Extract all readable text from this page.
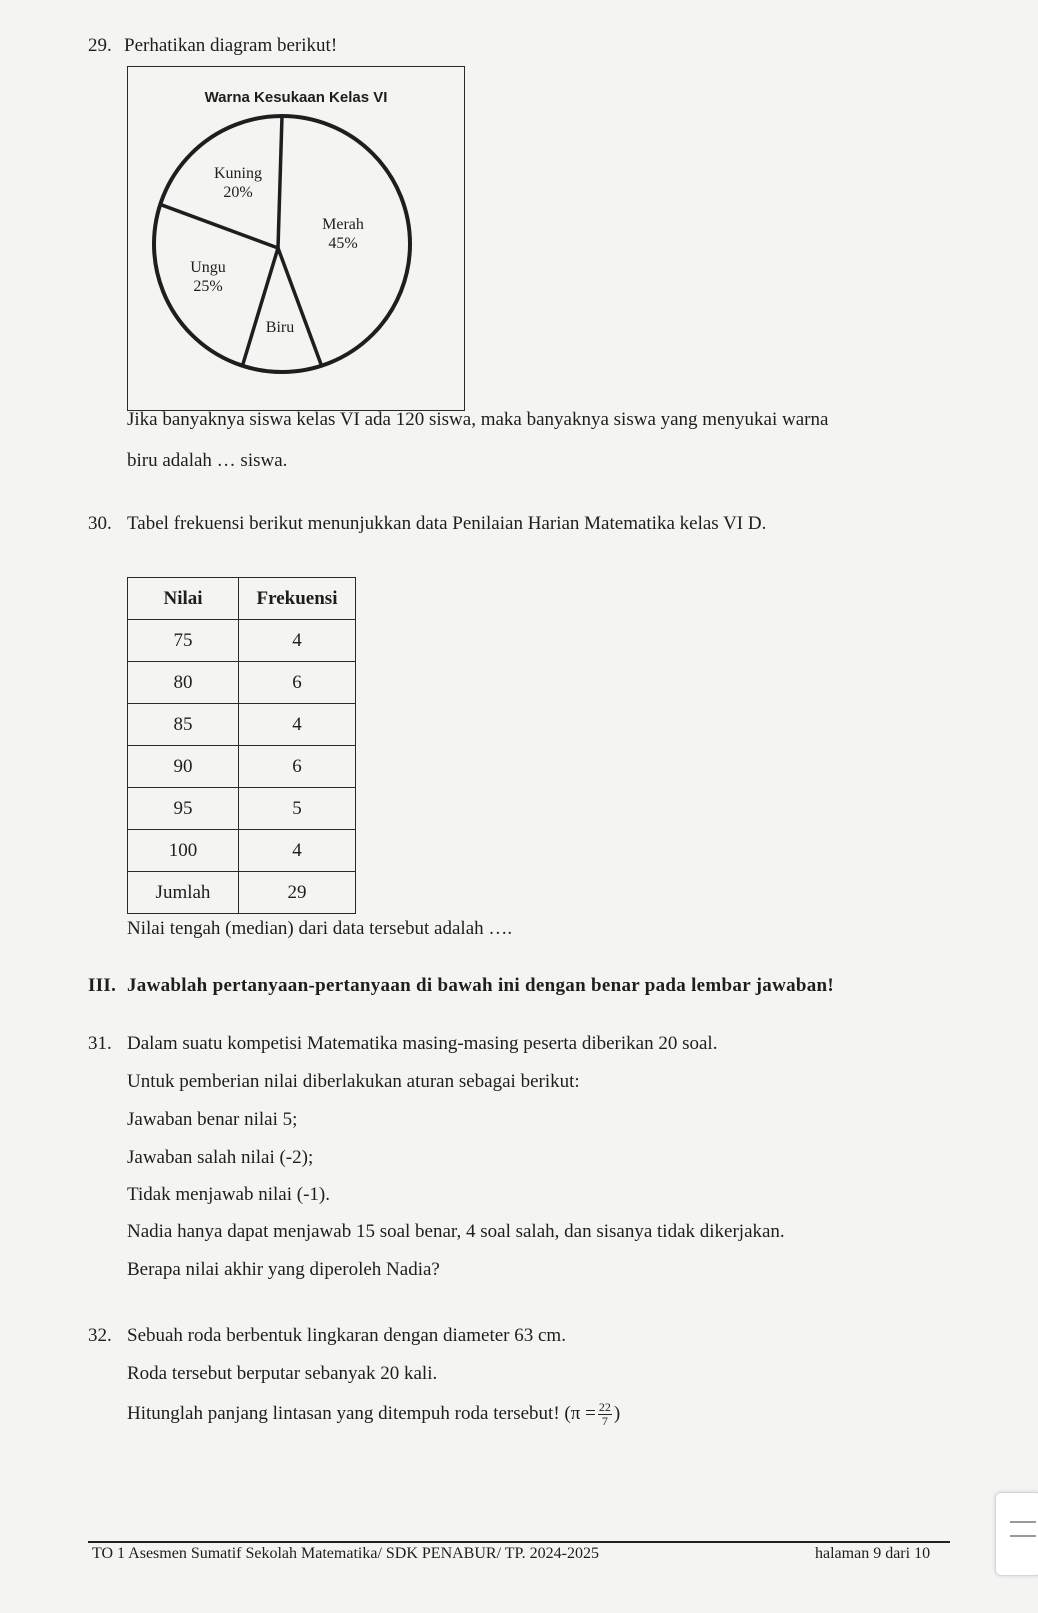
29. Perhatikan diagram berikut!
Warna Kesukaan Kelas VI
Merah
45%
Biru
Ungu
25%
Kuning
20%
Jika banyaknya siswa kelas VI ada 120 siswa, maka banyaknya siswa yang menyukai warna
biru adalah … siswa.
30. Tabel frekuensi berikut menunjukkan data Penilaian Harian Matematika kelas VI D.
Nilai	Frekuensi
75	4
80	6
85	4
90	6
95	5
100	4
Jumlah	29
Nilai tengah (median) dari data tersebut adalah ….
III. Jawablah pertanyaan-pertanyaan di bawah ini dengan benar pada lembar jawaban!
31. Dalam suatu kompetisi Matematika masing-masing peserta diberikan 20 soal.
Untuk pemberian nilai diberlakukan aturan sebagai berikut:
Jawaban benar nilai 5;
Jawaban salah nilai (-2);
Tidak menjawab nilai (-1).
Nadia hanya dapat menjawab 15 soal benar, 4 soal salah, dan sisanya tidak dikerjakan.
Berapa nilai akhir yang diperoleh Nadia?
32. Sebuah roda berbentuk lingkaran dengan diameter 63 cm.
Roda tersebut berputar sebanyak 20 kali.
Hitunglah panjang lintasan yang ditempuh roda tersebut! ($\pi = \frac{22}{7}$ )
TO 1 Asesmen Sumatif Sekolah Matematika/ SDK PENABUR/ TP. 2024-2025	halaman 9 dari 10
